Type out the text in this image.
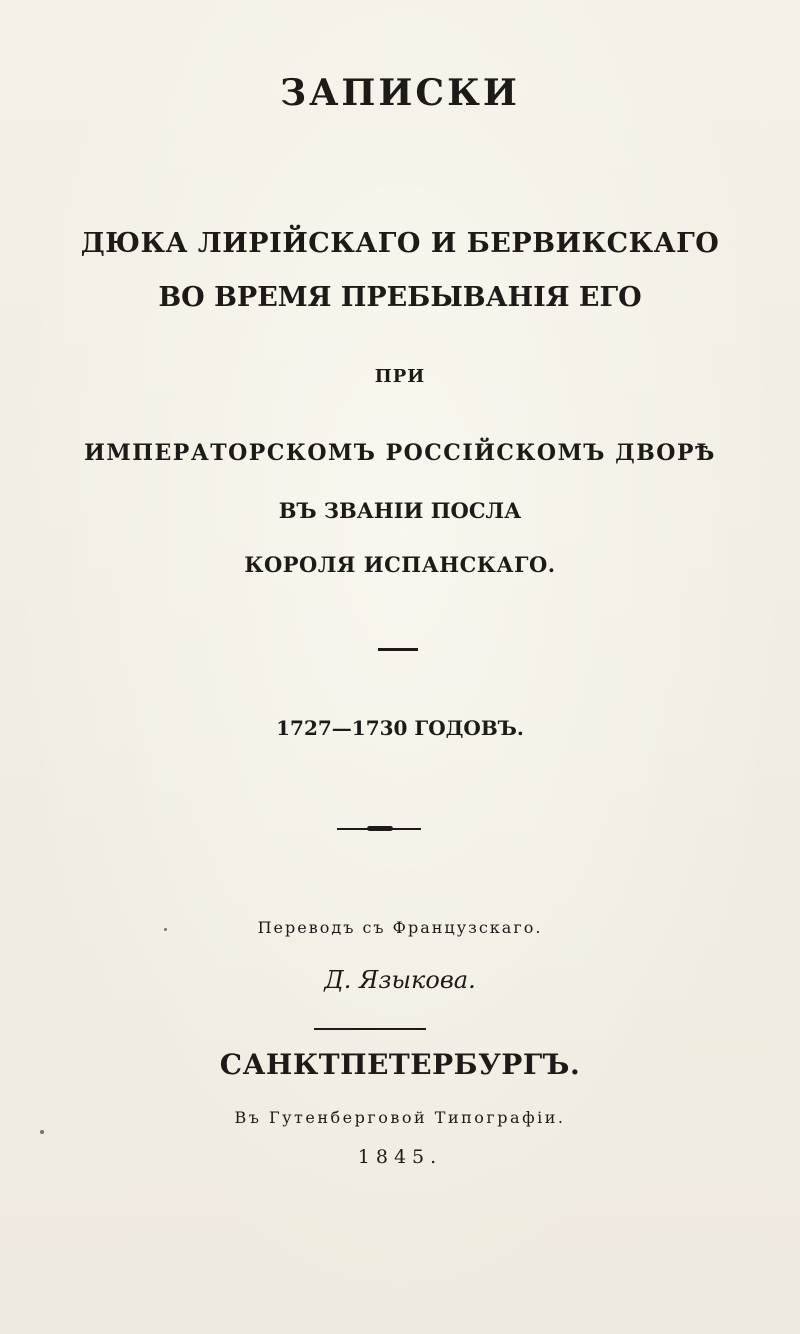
ЗАПИСКИ
ДЮКА ЛИРІЙСКАГО И БЕРВИКСКАГО
ВО ВРЕМЯ ПРЕБЫВАНІЯ ЕГО
ПРИ
ИМПЕРАТОРСКОМЪ РОССІЙСКОМЪ ДВОРѢ
ВЪ ЗВАНІИ ПОСЛА
КОРОЛЯ ИСПАНСКАГО.
1727—1730 ГОДОВЪ.
Переводъ съ Французскаго.
Д. Языкова.
САНКТПЕТЕРБУРГЪ.
Въ Гутенберговой Типографіи.
1845.
